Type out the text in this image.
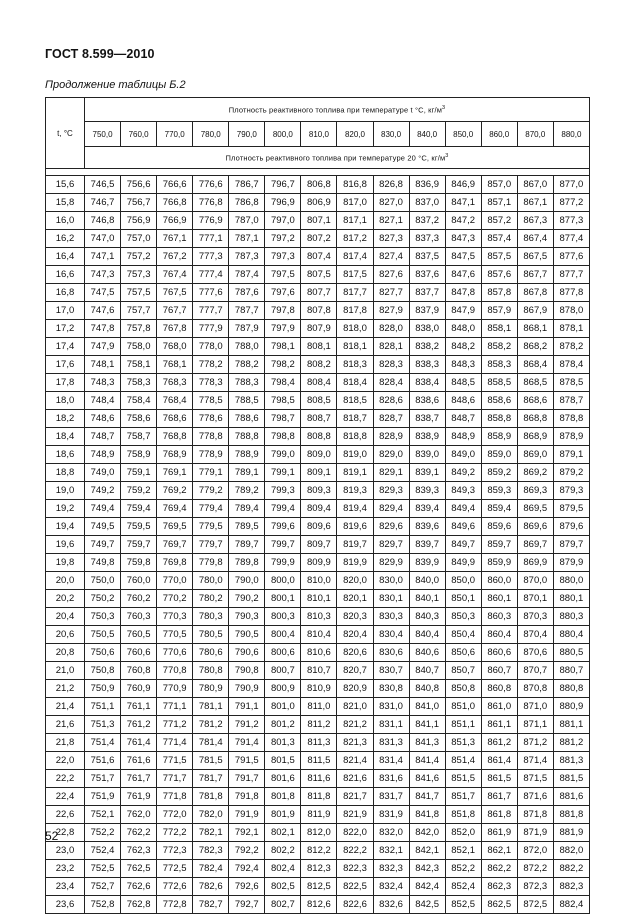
ГОСТ 8.599—2010
Продолжение таблицы Б.2
t, °C	Плотность реактивного топлива при температуре t °С, $кг/м^3$
	750,0	760,0	770,0	780,0	790,0	800,0	810,0	820,0	830,0	840,0	850,0	860,0	870,0	880,0
	Плотность реактивного топлива при температуре 20 °С, $кг/м^3$

15,6	746,5	756,6	766,6	776,6	786,7	796,7	806,8	816,8	826,8	836,9	846,9	857,0	867,0	877,0
15,8	746,7	756,7	766,8	776,8	786,8	796,9	806,9	817,0	827,0	837,0	847,1	857,1	867,1	877,2
16,0	746,8	756,9	766,9	776,9	787,0	797,0	807,1	817,1	827,1	837,2	847,2	857,2	867,3	877,3
16,2	747,0	757,0	767,1	777,1	787,1	797,2	807,2	817,2	827,3	837,3	847,3	857,4	867,4	877,4
16,4	747,1	757,2	767,2	777,3	787,3	797,3	807,4	817,4	827,4	837,5	847,5	857,5	867,5	877,6
16,6	747,3	757,3	767,4	777,4	787,4	797,5	807,5	817,5	827,6	837,6	847,6	857,6	867,7	877,7
16,8	747,5	757,5	767,5	777,6	787,6	797,6	807,7	817,7	827,7	837,7	847,8	857,8	867,8	877,8
17,0	747,6	757,7	767,7	777,7	787,7	797,8	807,8	817,8	827,9	837,9	847,9	857,9	867,9	878,0
17,2	747,8	757,8	767,8	777,9	787,9	797,9	807,9	818,0	828,0	838,0	848,0	858,1	868,1	878,1
17,4	747,9	758,0	768,0	778,0	788,0	798,1	808,1	818,1	828,1	838,2	848,2	858,2	868,2	878,2
17,6	748,1	758,1	768,1	778,2	788,2	798,2	808,2	818,3	828,3	838,3	848,3	858,3	868,4	878,4
17,8	748,3	758,3	768,3	778,3	788,3	798,4	808,4	818,4	828,4	838,4	848,5	858,5	868,5	878,5
18,0	748,4	758,4	768,4	778,5	788,5	798,5	808,5	818,5	828,6	838,6	848,6	858,6	868,6	878,7
18,2	748,6	758,6	768,6	778,6	788,6	798,7	808,7	818,7	828,7	838,7	848,7	858,8	868,8	878,8
18,4	748,7	758,7	768,8	778,8	788,8	798,8	808,8	818,8	828,9	838,9	848,9	858,9	868,9	878,9
18,6	748,9	758,9	768,9	778,9	788,9	799,0	809,0	819,0	829,0	839,0	849,0	859,0	869,0	879,1
18,8	749,0	759,1	769,1	779,1	789,1	799,1	809,1	819,1	829,1	839,1	849,2	859,2	869,2	879,2
19,0	749,2	759,2	769,2	779,2	789,2	799,3	809,3	819,3	829,3	839,3	849,3	859,3	869,3	879,3
19,2	749,4	759,4	769,4	779,4	789,4	799,4	809,4	819,4	829,4	839,4	849,4	859,4	869,5	879,5
19,4	749,5	759,5	769,5	779,5	789,5	799,6	809,6	819,6	829,6	839,6	849,6	859,6	869,6	879,6
19,6	749,7	759,7	769,7	779,7	789,7	799,7	809,7	819,7	829,7	839,7	849,7	859,7	869,7	879,7
19,8	749,8	759,8	769,8	779,8	789,8	799,9	809,9	819,9	829,9	839,9	849,9	859,9	869,9	879,9
20,0	750,0	760,0	770,0	780,0	790,0	800,0	810,0	820,0	830,0	840,0	850,0	860,0	870,0	880,0
20,2	750,2	760,2	770,2	780,2	790,2	800,1	810,1	820,1	830,1	840,1	850,1	860,1	870,1	880,1
20,4	750,3	760,3	770,3	780,3	790,3	800,3	810,3	820,3	830,3	840,3	850,3	860,3	870,3	880,3
20,6	750,5	760,5	770,5	780,5	790,5	800,4	810,4	820,4	830,4	840,4	850,4	860,4	870,4	880,4
20,8	750,6	760,6	770,6	780,6	790,6	800,6	810,6	820,6	830,6	840,6	850,6	860,6	870,6	880,5
21,0	750,8	760,8	770,8	780,8	790,8	800,7	810,7	820,7	830,7	840,7	850,7	860,7	870,7	880,7
21,2	750,9	760,9	770,9	780,9	790,9	800,9	810,9	820,9	830,8	840,8	850,8	860,8	870,8	880,8
21,4	751,1	761,1	771,1	781,1	791,1	801,0	811,0	821,0	831,0	841,0	851,0	861,0	871,0	880,9
21,6	751,3	761,2	771,2	781,2	791,2	801,2	811,2	821,2	831,1	841,1	851,1	861,1	871,1	881,1
21,8	751,4	761,4	771,4	781,4	791,4	801,3	811,3	821,3	831,3	841,3	851,3	861,2	871,2	881,2
22,0	751,6	761,6	771,5	781,5	791,5	801,5	811,5	821,4	831,4	841,4	851,4	861,4	871,4	881,3
22,2	751,7	761,7	771,7	781,7	791,7	801,6	811,6	821,6	831,6	841,6	851,5	861,5	871,5	881,5
22,4	751,9	761,9	771,8	781,8	791,8	801,8	811,8	821,7	831,7	841,7	851,7	861,7	871,6	881,6
22,6	752,1	762,0	772,0	782,0	791,9	801,9	811,9	821,9	831,9	841,8	851,8	861,8	871,8	881,8
22,8	752,2	762,2	772,2	782,1	792,1	802,1	812,0	822,0	832,0	842,0	852,0	861,9	871,9	881,9
23,0	752,4	762,3	772,3	782,3	792,2	802,2	812,2	822,2	832,1	842,1	852,1	862,1	872,0	882,0
23,2	752,5	762,5	772,5	782,4	792,4	802,4	812,3	822,3	832,3	842,3	852,2	862,2	872,2	882,2
23,4	752,7	762,6	772,6	782,6	792,6	802,5	812,5	822,5	832,4	842,4	852,4	862,3	872,3	882,3
23,6	752,8	762,8	772,8	782,7	792,7	802,7	812,6	822,6	832,6	842,5	852,5	862,5	872,5	882,4
52
